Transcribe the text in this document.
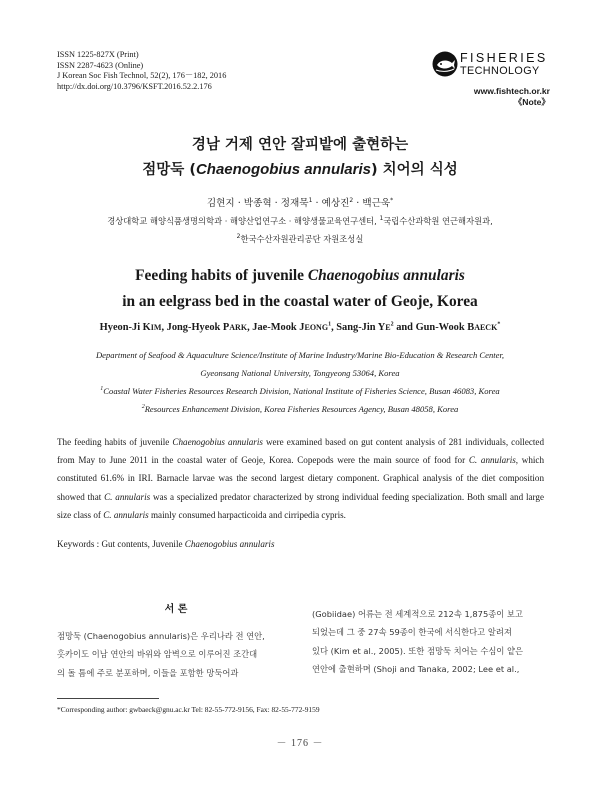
ISSN 1225-827X (Print)
ISSN 2287-4623 (Online)
J Korean Soc Fish Technol, 52(2), 176－182, 2016
http://dx.doi.org/10.3796/KSFT.2016.52.2.176
FISHERIES
TECHNOLOGY
www.fishtech.or.kr
《Note》
경남 거제 연안 잘피밭에 출현하는
점망둑 (Chaenogobius annularis) 치어의 식성
김현지 · 박종혁 · 정재묵$^1$ · 예상진$^2$ · 백근욱*
경상대학교 해양식품생명의학과 · 해양산업연구소 · 해양생물교육연구센터, $^1$국립수산과학원 연근해자원과,
$^2$한국수산자원관리공단 자원조성실
Feeding habits of juvenile Chaenogobius annularis
in an eelgrass bed in the coastal water of Geoje, Korea
Hyeon-Ji KIM, Jong-Hyeok PARK, Jae-Mook JEONG$^1$, Sang-Jin $YE^2$ and Gun-Wook BAECK*
Department of Seafood & Aquaculture Science/Institute of Marine Industry/Marine Bio-Education & Research Center,
Gyeonsang National University, Tongyeong 53064, Korea
$^1$Coastal Water Fisheries Resources Research Division, National Institute of Fisheries Science, Busan 46083, Korea
$^2$Resources Enhancement Division, Korea Fisheries Resources Agency, Busan 48058, Korea
The feeding habits of juvenile Chaenogobius annularis were examined based on gut content analysis of 281 individuals, collected from May to June 2011 in the coastal water of Geoje, Korea. Copepods were the main source of food for C. annularis, which constituted 61.6% in IRI. Barnacle larvae was the second largest dietary component. Graphical analysis of the diet composition showed that C. annularis was a specialized predator characterized by strong individual feeding specialization. Both small and large size class of C. annularis mainly consumed harpacticoida and cirripedia cypris.
Keywords : Gut contents, Juvenile Chaenogobius annularis
서 론
점망둑 (Chaenogobius annularis)은 우리나라 전 연안,
홋카이도 이남 연안의 바위와 암벽으로 이루어진 조간대
의 돌 틈에 주로 분포하며, 이들을 포함한 망둑어과
(Gobiidae) 어류는 전 세계적으로 212속 1,875종이 보고
되었는데 그 중 27속 59종이 한국에 서식한다고 알려져
있다 (Kim et al., 2005). 또한 점망둑 치어는 수심이 얕은
연안에 출현하며 (Shoji and Tanaka, 2002; Lee et al.,
*Corresponding author: gwbaeck@gnu.ac.kr Tel: 82-55-772-9156, Fax: 82-55-772-9159
－ 176 －
